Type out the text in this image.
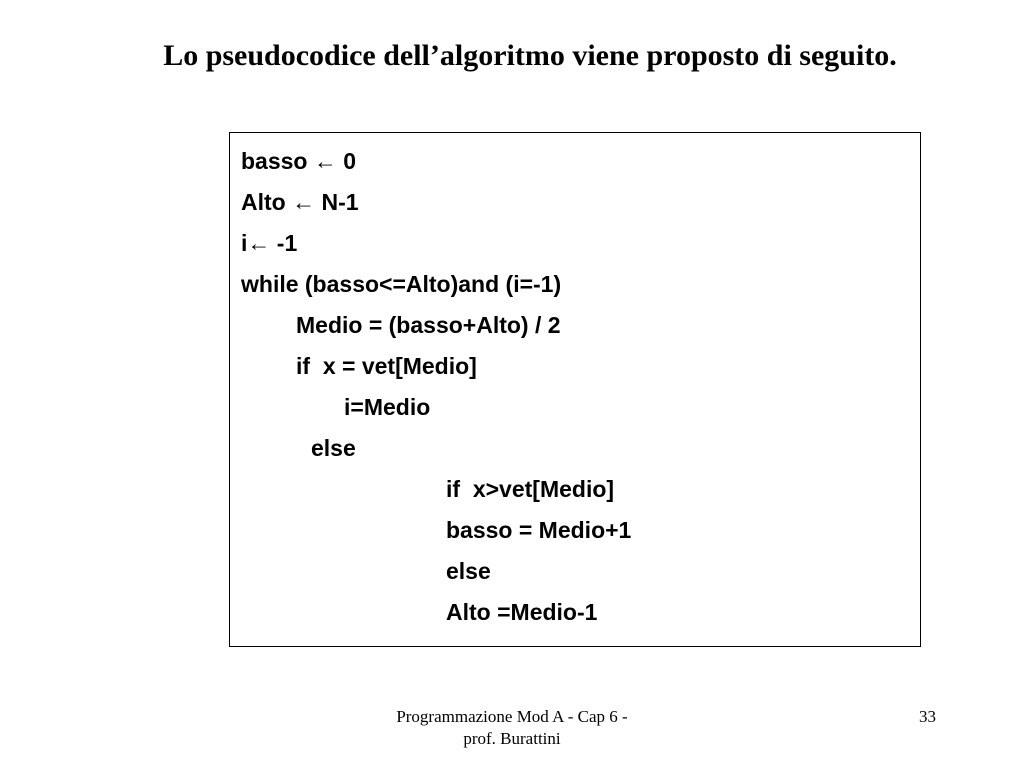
Lo pseudocodice dell’algoritmo viene proposto di seguito.
basso ← 0
Alto ← N-1
i← -1
while (basso<=Alto)and (i=-1)
Medio = (basso+Alto) / 2
if  x = vet[Medio]
i=Medio
else
if  x>vet[Medio]
basso = Medio+1
else
Alto =Medio-1
Programmazione Mod A - Cap 6 -
prof. Burattini
33
